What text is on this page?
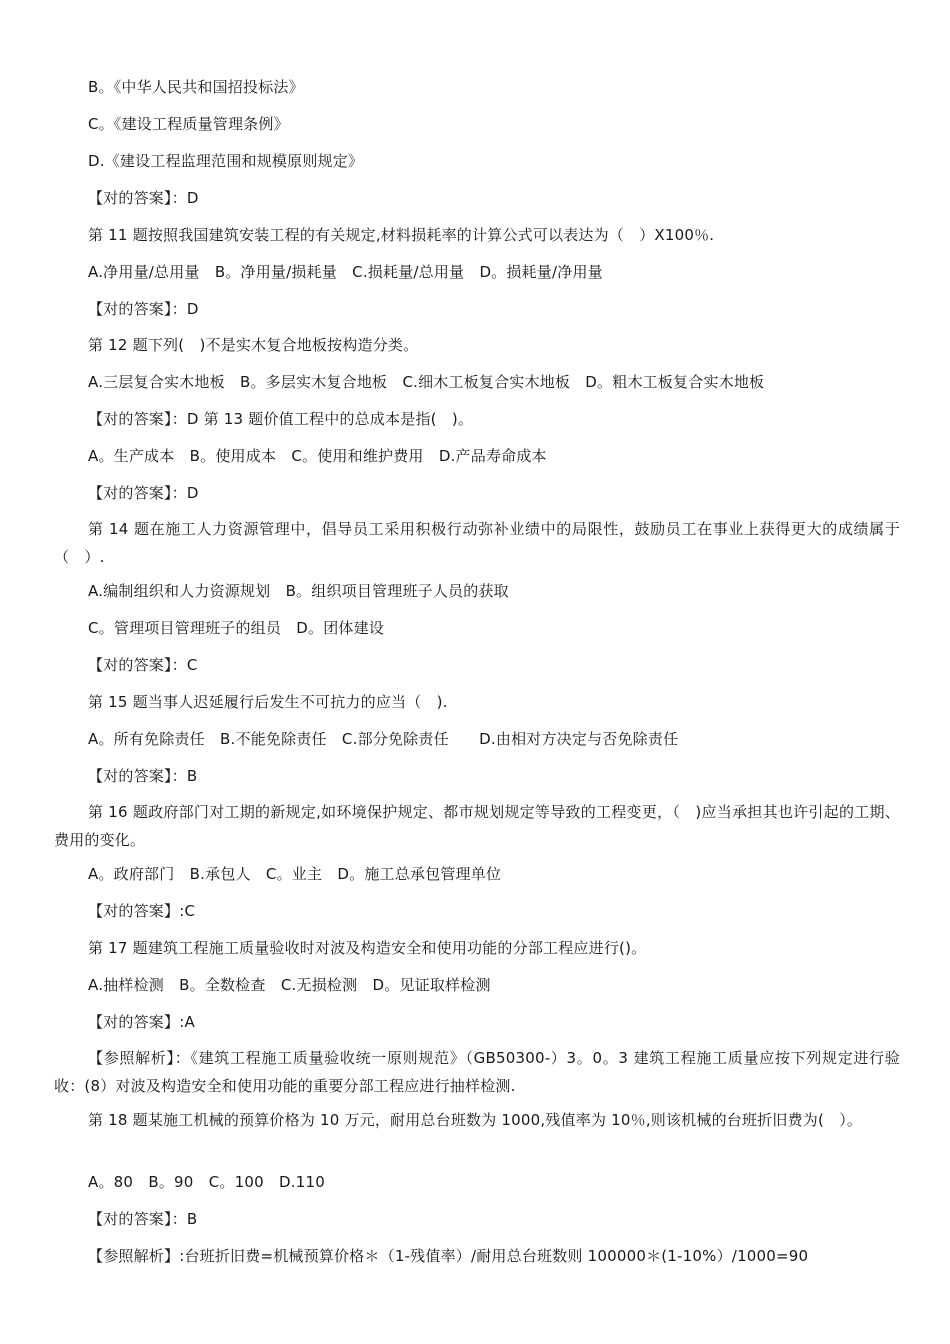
B。《中华人民共和国招投标法》
C。《建设工程质量管理条例》
D.《建设工程监理范围和规模原则规定》
【对的答案】：D
第 11 题按照我国建筑安装工程的有关规定,材料损耗率的计算公式可以表达为（　）X100％.
A.净用量/总用量　B。净用量/损耗量　C.损耗量/总用量　D。损耗量/净用量
【对的答案】：D
第 12 题下列(　)不是实木复合地板按构造分类。
A.三层复合实木地板　B。多层实木复合地板　C.细木工板复合实木地板　D。粗木工板复合实木地板
【对的答案】：D 第 13 题价值工程中的总成本是指(　)。
A。生产成本　B。使用成本　C。使用和维护费用　D.产品寿命成本
【对的答案】：D
第 14 题在施工人力资源管理中，倡导员工采用积极行动弥补业绩中的局限性，鼓励员工在事业上获得更大的成绩属于（　）.
A.编制组织和人力资源规划　B。组织项目管理班子人员的获取
C。管理项目管理班子的组员　D。团体建设
【对的答案】：C
第 15 题当事人迟延履行后发生不可抗力的应当（　).
A。所有免除责任　B.不能免除责任　C.部分免除责任　　D.由相对方决定与否免除责任
【对的答案】：B
第 16 题政府部门对工期的新规定,如环境保护规定、都市规划规定等导致的工程变更，（　)应当承担其也许引起的工期、费用的变化。
A。政府部门　B.承包人　C。业主　D。施工总承包管理单位
【对的答案】:C
第 17 题建筑工程施工质量验收时对波及构造安全和使用功能的分部工程应进行()。
A.抽样检测　B。全数检查　C.无损检测　D。见证取样检测
【对的答案】:A
【参照解析】：《建筑工程施工质量验收统一原则规范》（GB50300-）3。0。3 建筑工程施工质量应按下列规定进行验收：(8）对波及构造安全和使用功能的重要分部工程应进行抽样检测.
第 18 题某施工机械的预算价格为 10 万元，耐用总台班数为 1000,残值率为 10％,则该机械的台班折旧费为(　）。
A。80　B。90　C。100　D.110
【对的答案】：B
【参照解析】:台班折旧费=机械预算价格＊（1-残值率）/耐用总台班数则 100000＊(1-10%）/1000=90
